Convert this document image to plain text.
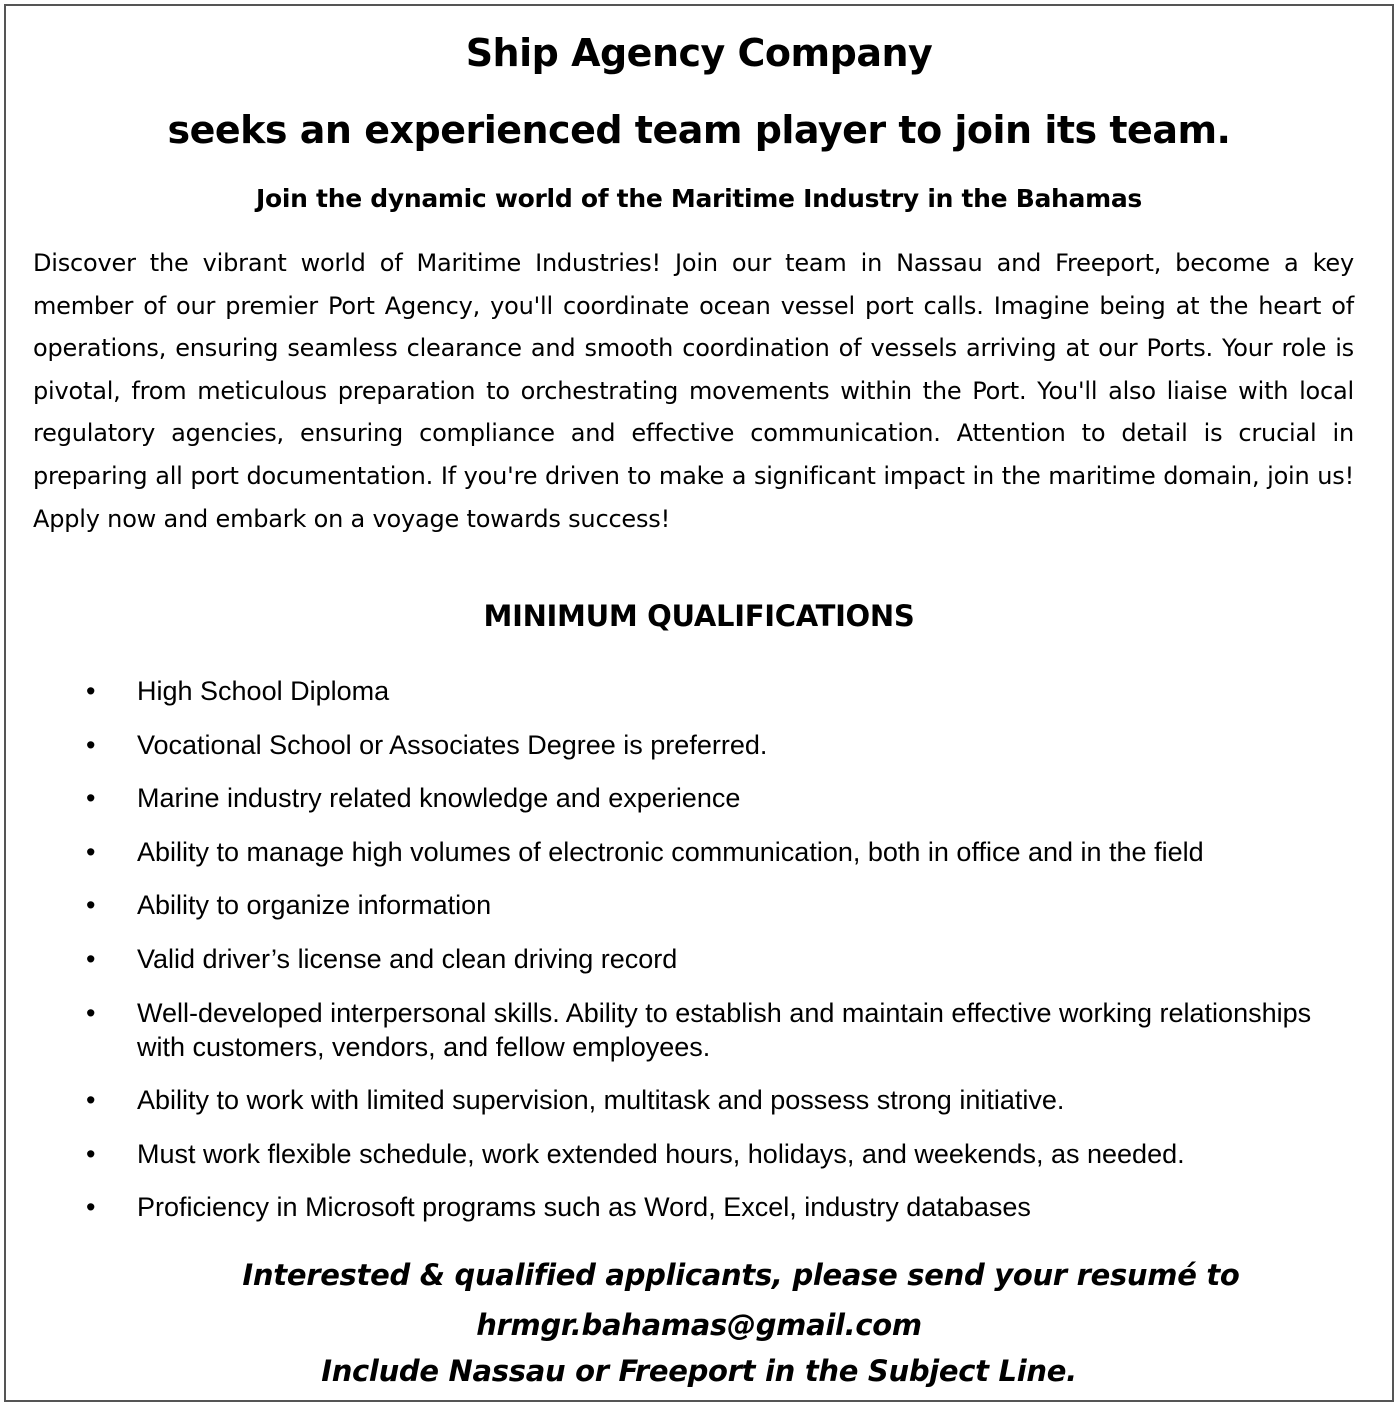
Ship Agency Company
seeks an experienced team player to join its team.
Join the dynamic world of the Maritime Industry in the Bahamas

Discover the vibrant world of Maritime Industries! Join our team in Nassau and Freeport, become a key member of our premier Port Agency, you'll coordinate ocean vessel port calls. Imagine being at the heart of operations, ensuring seamless clearance and smooth coordination of vessels arriving at our Ports. Your role is pivotal, from meticulous preparation to orchestrating movements within the Port. You'll also liaise with local regulatory agencies, ensuring compliance and effective communication. Attention to detail is crucial in preparing all port documentation. If you're driven to make a significant impact in the maritime domain, join us! Apply now and embark on a voyage towards success!

MINIMUM QUALIFICATIONS
• High School Diploma
• Vocational School or Associates Degree is preferred.
• Marine industry related knowledge and experience
• Ability to manage high volumes of electronic communication, both in office and in the field
• Ability to organize information
• Valid driver’s license and clean driving record
• Well-developed interpersonal skills. Ability to establish and maintain effective working relationships with customers, vendors, and fellow employees.
• Ability to work with limited supervision, multitask and possess strong initiative.
• Must work flexible schedule, work extended hours, holidays, and weekends, as needed.
• Proficiency in Microsoft programs such as Word, Excel, industry databases

Interested & qualified applicants, please send your resumé to

hrmgr.bahamas@gmail.com

Include Nassau or Freeport in the Subject Line.
